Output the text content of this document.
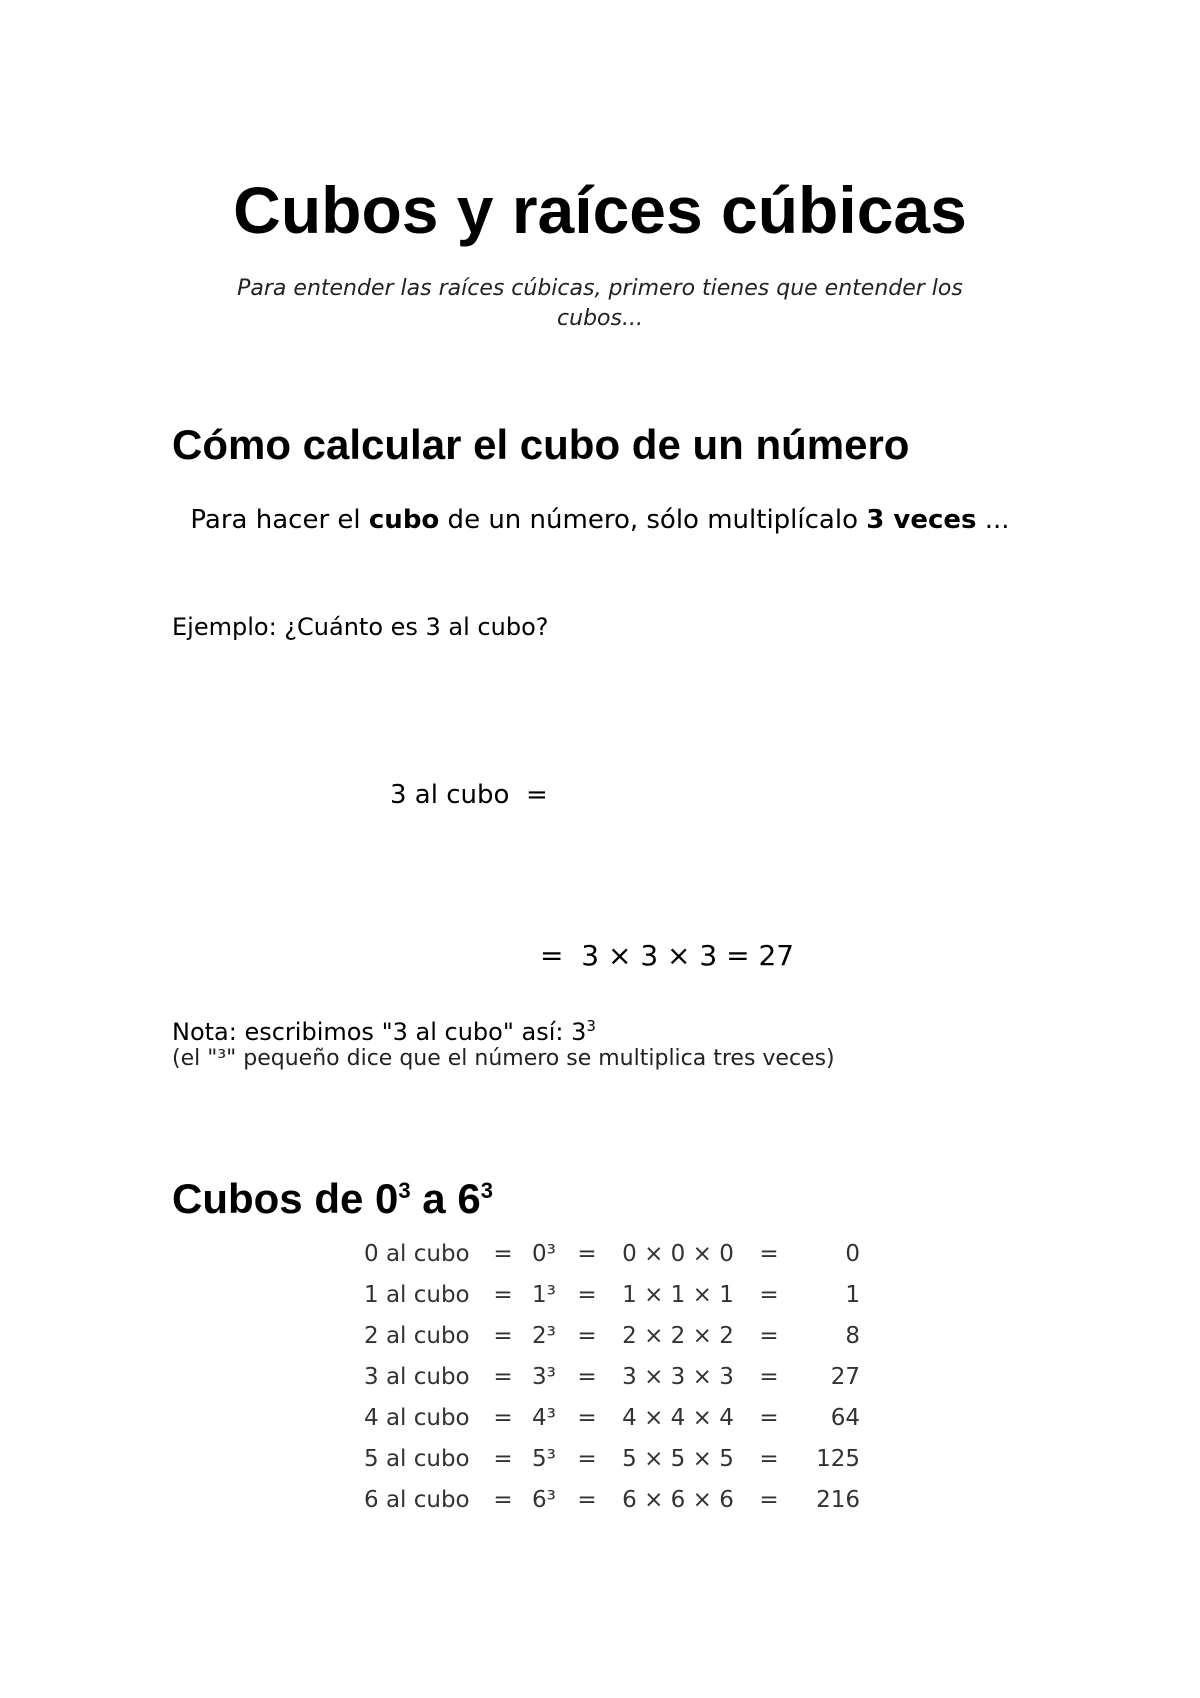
Cubos y raíces cúbicas

Para entender las raíces cúbicas, primero tienes que entender los cubos...

Cómo calcular el cubo de un número

Para hacer el cubo de un número, sólo multiplícalo 3 veces ...

Ejemplo: ¿Cuánto es 3 al cubo?

3 al cubo  =
=  3 × 3 × 3 = 27
Nota: escribimos "3 al cubo" así: $3^3$
(el "³" pequeño dice que el número se multiplica tres veces)
Cubos de $0^3$ a $6^3$
0 al cubo	=	0³	=	0 × 0 × 0	=	0
1 al cubo	=	1³	=	1 × 1 × 1	=	1
2 al cubo	=	2³	=	2 × 2 × 2	=	8
3 al cubo	=	3³	=	3 × 3 × 3	=	27
4 al cubo	=	4³	=	4 × 4 × 4	=	64
5 al cubo	=	5³	=	5 × 5 × 5	=	125
6 al cubo	=	6³	=	6 × 6 × 6	=	216
